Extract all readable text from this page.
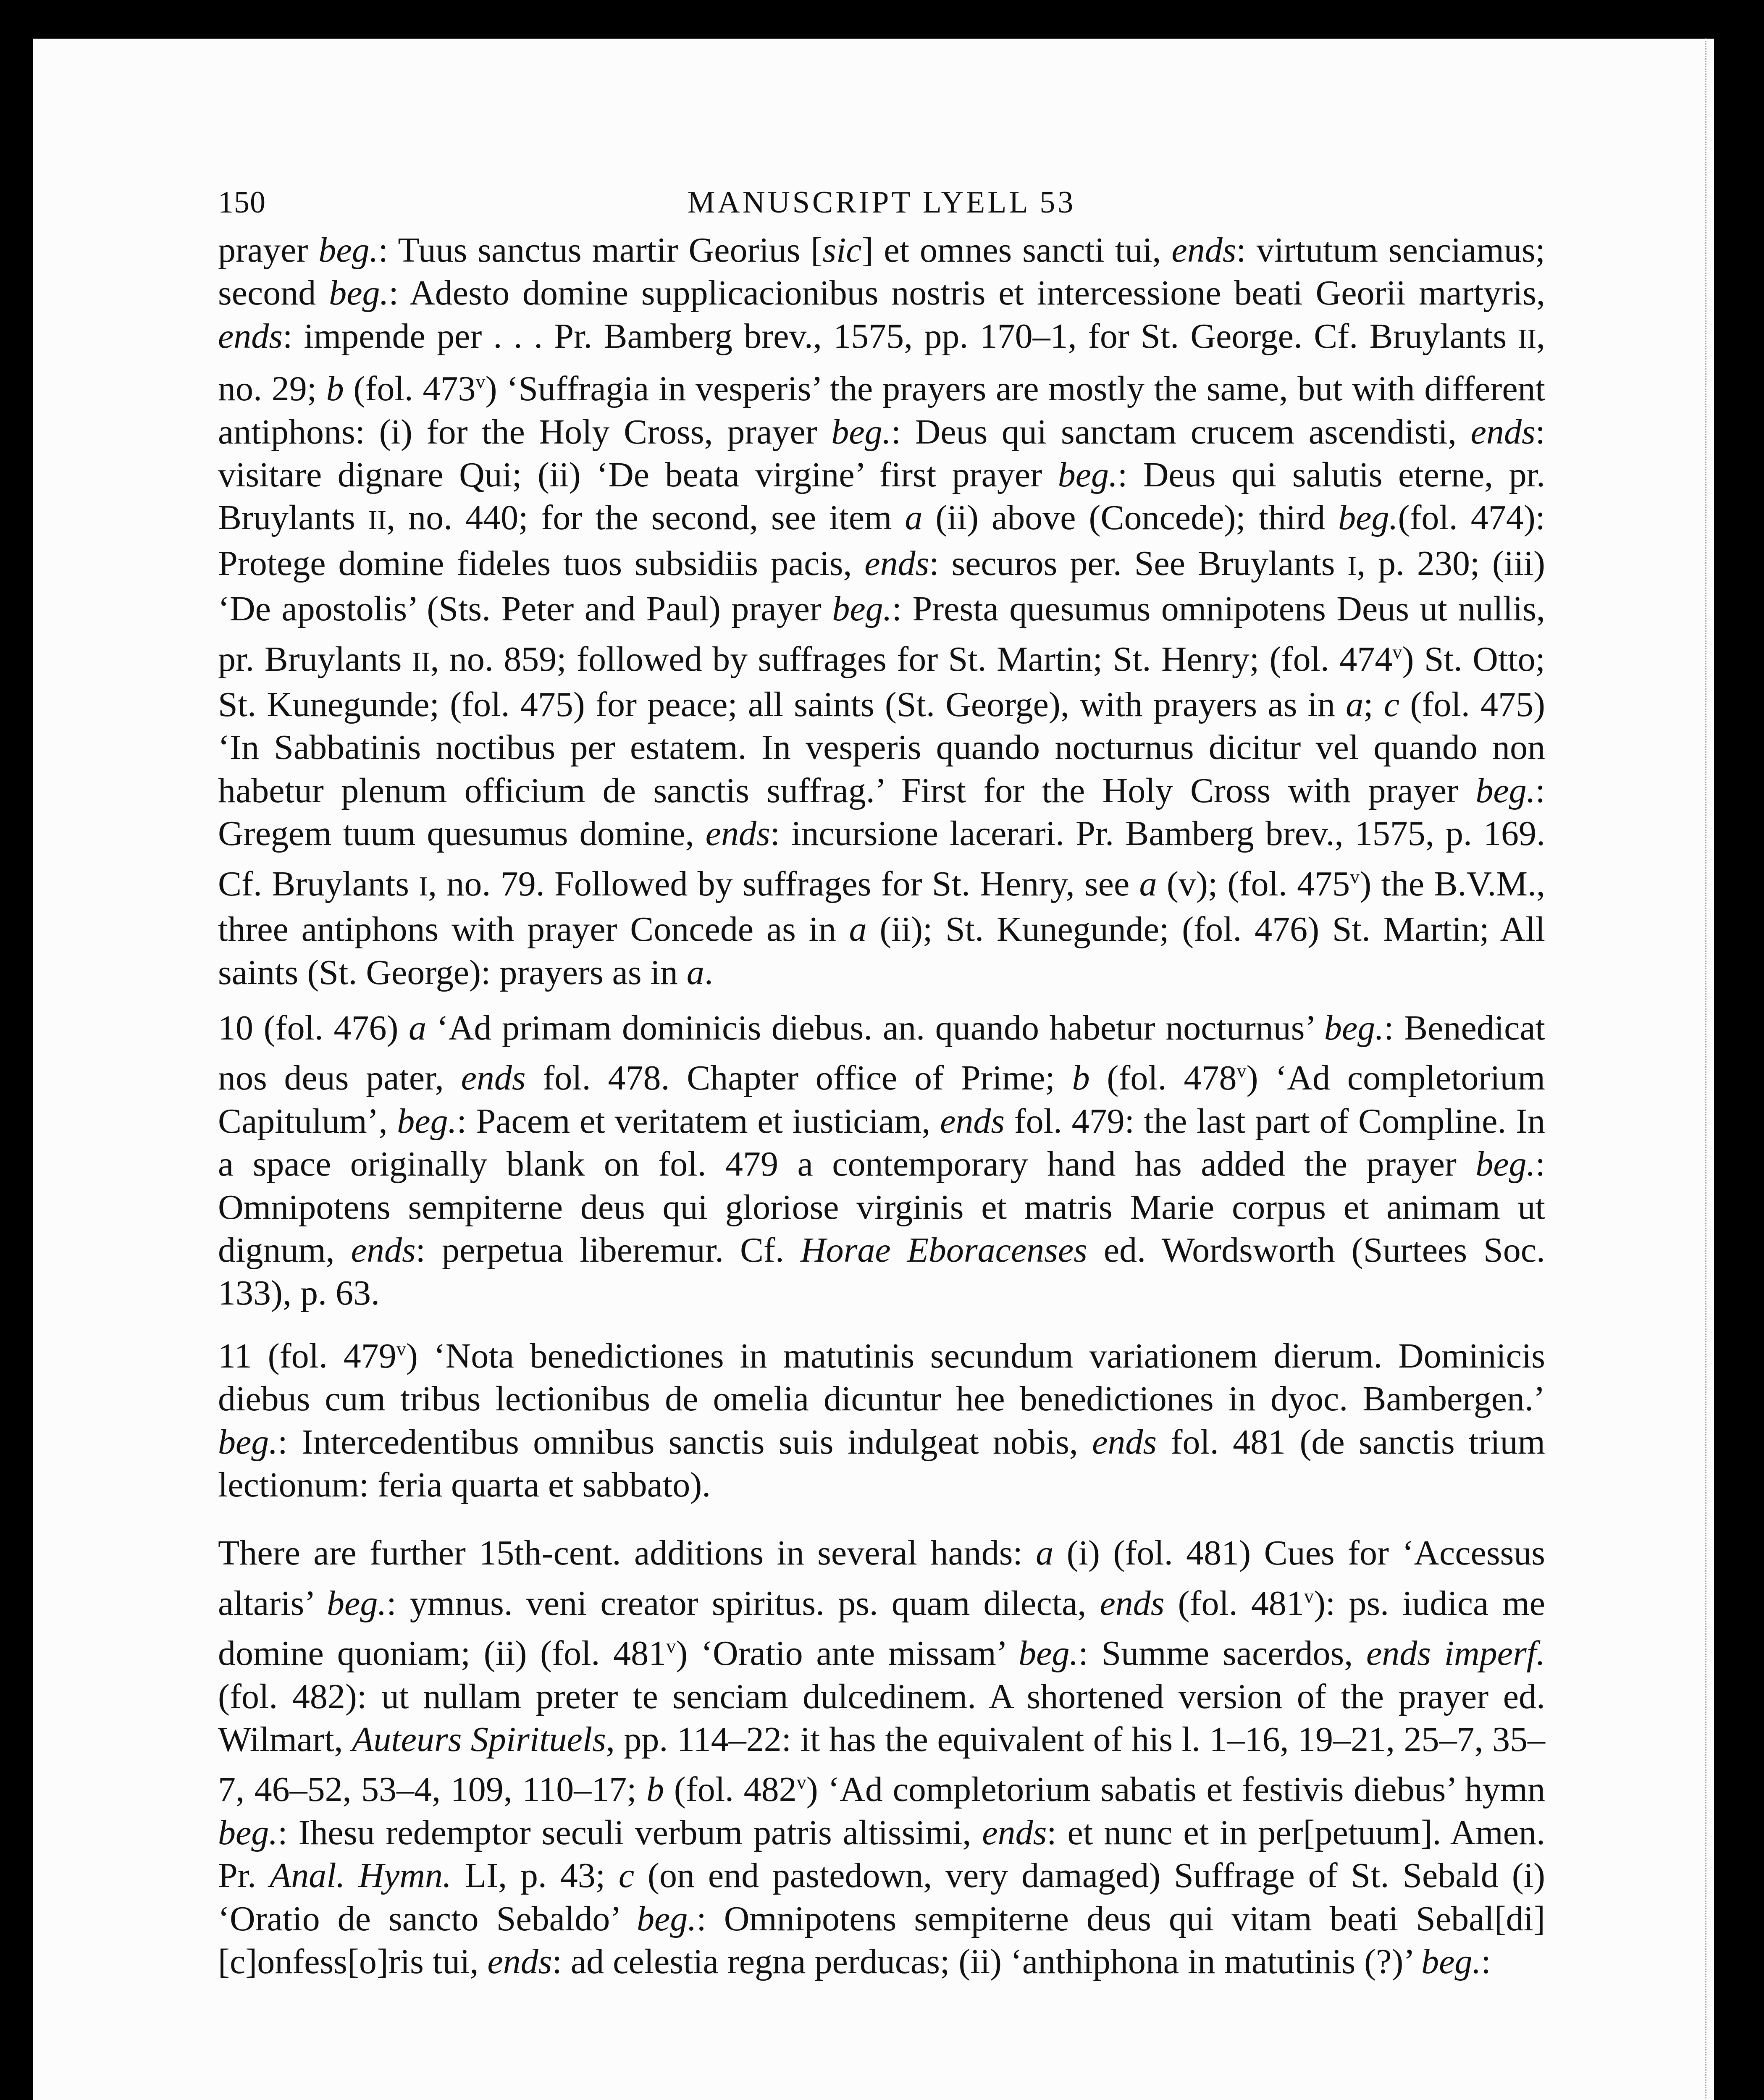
150	MANUSCRIPT LYELL 53

prayer beg.: Tuus sanctus martir Georius [sic] et omnes sancti tui, ends: virtutum senciamus; second beg.: Adesto domine supplicacionibus nostris et intercessione beati Georii martyris, ends: impende per . . . Pr. Bamberg brev., 1575, pp. 170–1, for St. George. Cf. Bruylants II, no. 29; b (fol. 473$^v$) ‘Suffragia in vesperis’ the prayers are mostly the same, but with different antiphons: (i) for the Holy Cross, prayer beg.: Deus qui sanctam crucem ascendisti, ends: visitare dignare Qui; (ii) ‘De beata virgine’ first prayer beg.: Deus qui salutis eterne, pr. Bruylants II, no. 440; for the second, see item a (ii) above (Concede); third beg.(fol. 474): Protege domine fideles tuos subsidiis pacis, ends: securos per. See Bruylants I, p. 230; (iii) ‘De apostolis’ (Sts. Peter and Paul) prayer beg.: Presta quesumus omnipotens Deus ut nullis, pr. Bruylants II, no. 859; followed by suffrages for St. Martin; St. Henry; (fol. 474$^v$) St. Otto; St. Kunegunde; (fol. 475) for peace; all saints (St. George), with prayers as in a; c (fol. 475) ‘In Sabbatinis noctibus per estatem. In vesperis quando nocturnus dicitur vel quando non habetur plenum officium de sanctis suffrag.’ First for the Holy Cross with prayer beg.: Gregem tuum quesumus domine, ends: incursione lacerari. Pr. Bamberg brev., 1575, p. 169. Cf. Bruylants I, no. 79. Followed by suffrages for St. Henry, see a (v); (fol. 475$^v$) the B.V.M., three antiphons with prayer Concede as in a (ii); St. Kunegunde; (fol. 476) St. Martin; All saints (St. George): prayers as in a.

10 (fol. 476) a ‘Ad primam dominicis diebus. an. quando habetur nocturnus’ beg.: Benedicat nos deus pater, ends fol. 478. Chapter office of Prime; b (fol. 478$^v$) ‘Ad completorium Capitulum’, beg.: Pacem et veritatem et iusticiam, ends fol. 479: the last part of Compline. In a space originally blank on fol. 479 a contemporary hand has added the prayer beg.: Omnipotens sempiterne deus qui gloriose virginis et matris Marie corpus et animam ut dignum, ends: perpetua liberemur. Cf. Horae Eboracenses ed. Wordsworth (Surtees Soc. 133), p. 63.

11 (fol. 479$^v$) ‘Nota benedictiones in matutinis secundum variationem dierum. Dominicis diebus cum tribus lectionibus de omelia dicuntur hee benedictiones in dyoc. Bambergen.’ beg.: Intercedentibus omnibus sanctis suis indulgeat nobis, ends fol. 481 (de sanctis trium lectionum: feria quarta et sabbato).

There are further 15th-cent. additions in several hands: a (i) (fol. 481) Cues for ‘Accessus altaris’ beg.: ymnus. veni creator spiritus. ps. quam dilecta, ends (fol. 481$^v$): ps. iudica me domine quoniam; (ii) (fol. 481$^v$) ‘Oratio ante missam’ beg.: Summe sacerdos, ends imperf. (fol. 482): ut nullam preter te senciam dulcedinem. A shortened version of the prayer ed. Wilmart, Auteurs Spirituels, pp. 114–22: it has the equivalent of his l. 1–16, 19–21, 25–7, 35–7, 46–52, 53–4, 109, 110–17; b (fol. 482$^v$) ‘Ad completorium sabatis et festivis diebus’ hymn beg.: Ihesu redemptor seculi verbum patris altissimi, ends: et nunc et in per[petuum]. Amen. Pr. Anal. Hymn. LI, p. 43; c (on end pastedown, very damaged) Suffrage of St. Sebald (i) ‘Oratio de sancto Sebaldo’ beg.: Omnipotens sempiterne deus qui vitam beati Sebal[di] [c]onfess[o]ris tui, ends: ad celestia regna perducas; (ii) ‘anthiphona in matutinis (?)’ beg.:
